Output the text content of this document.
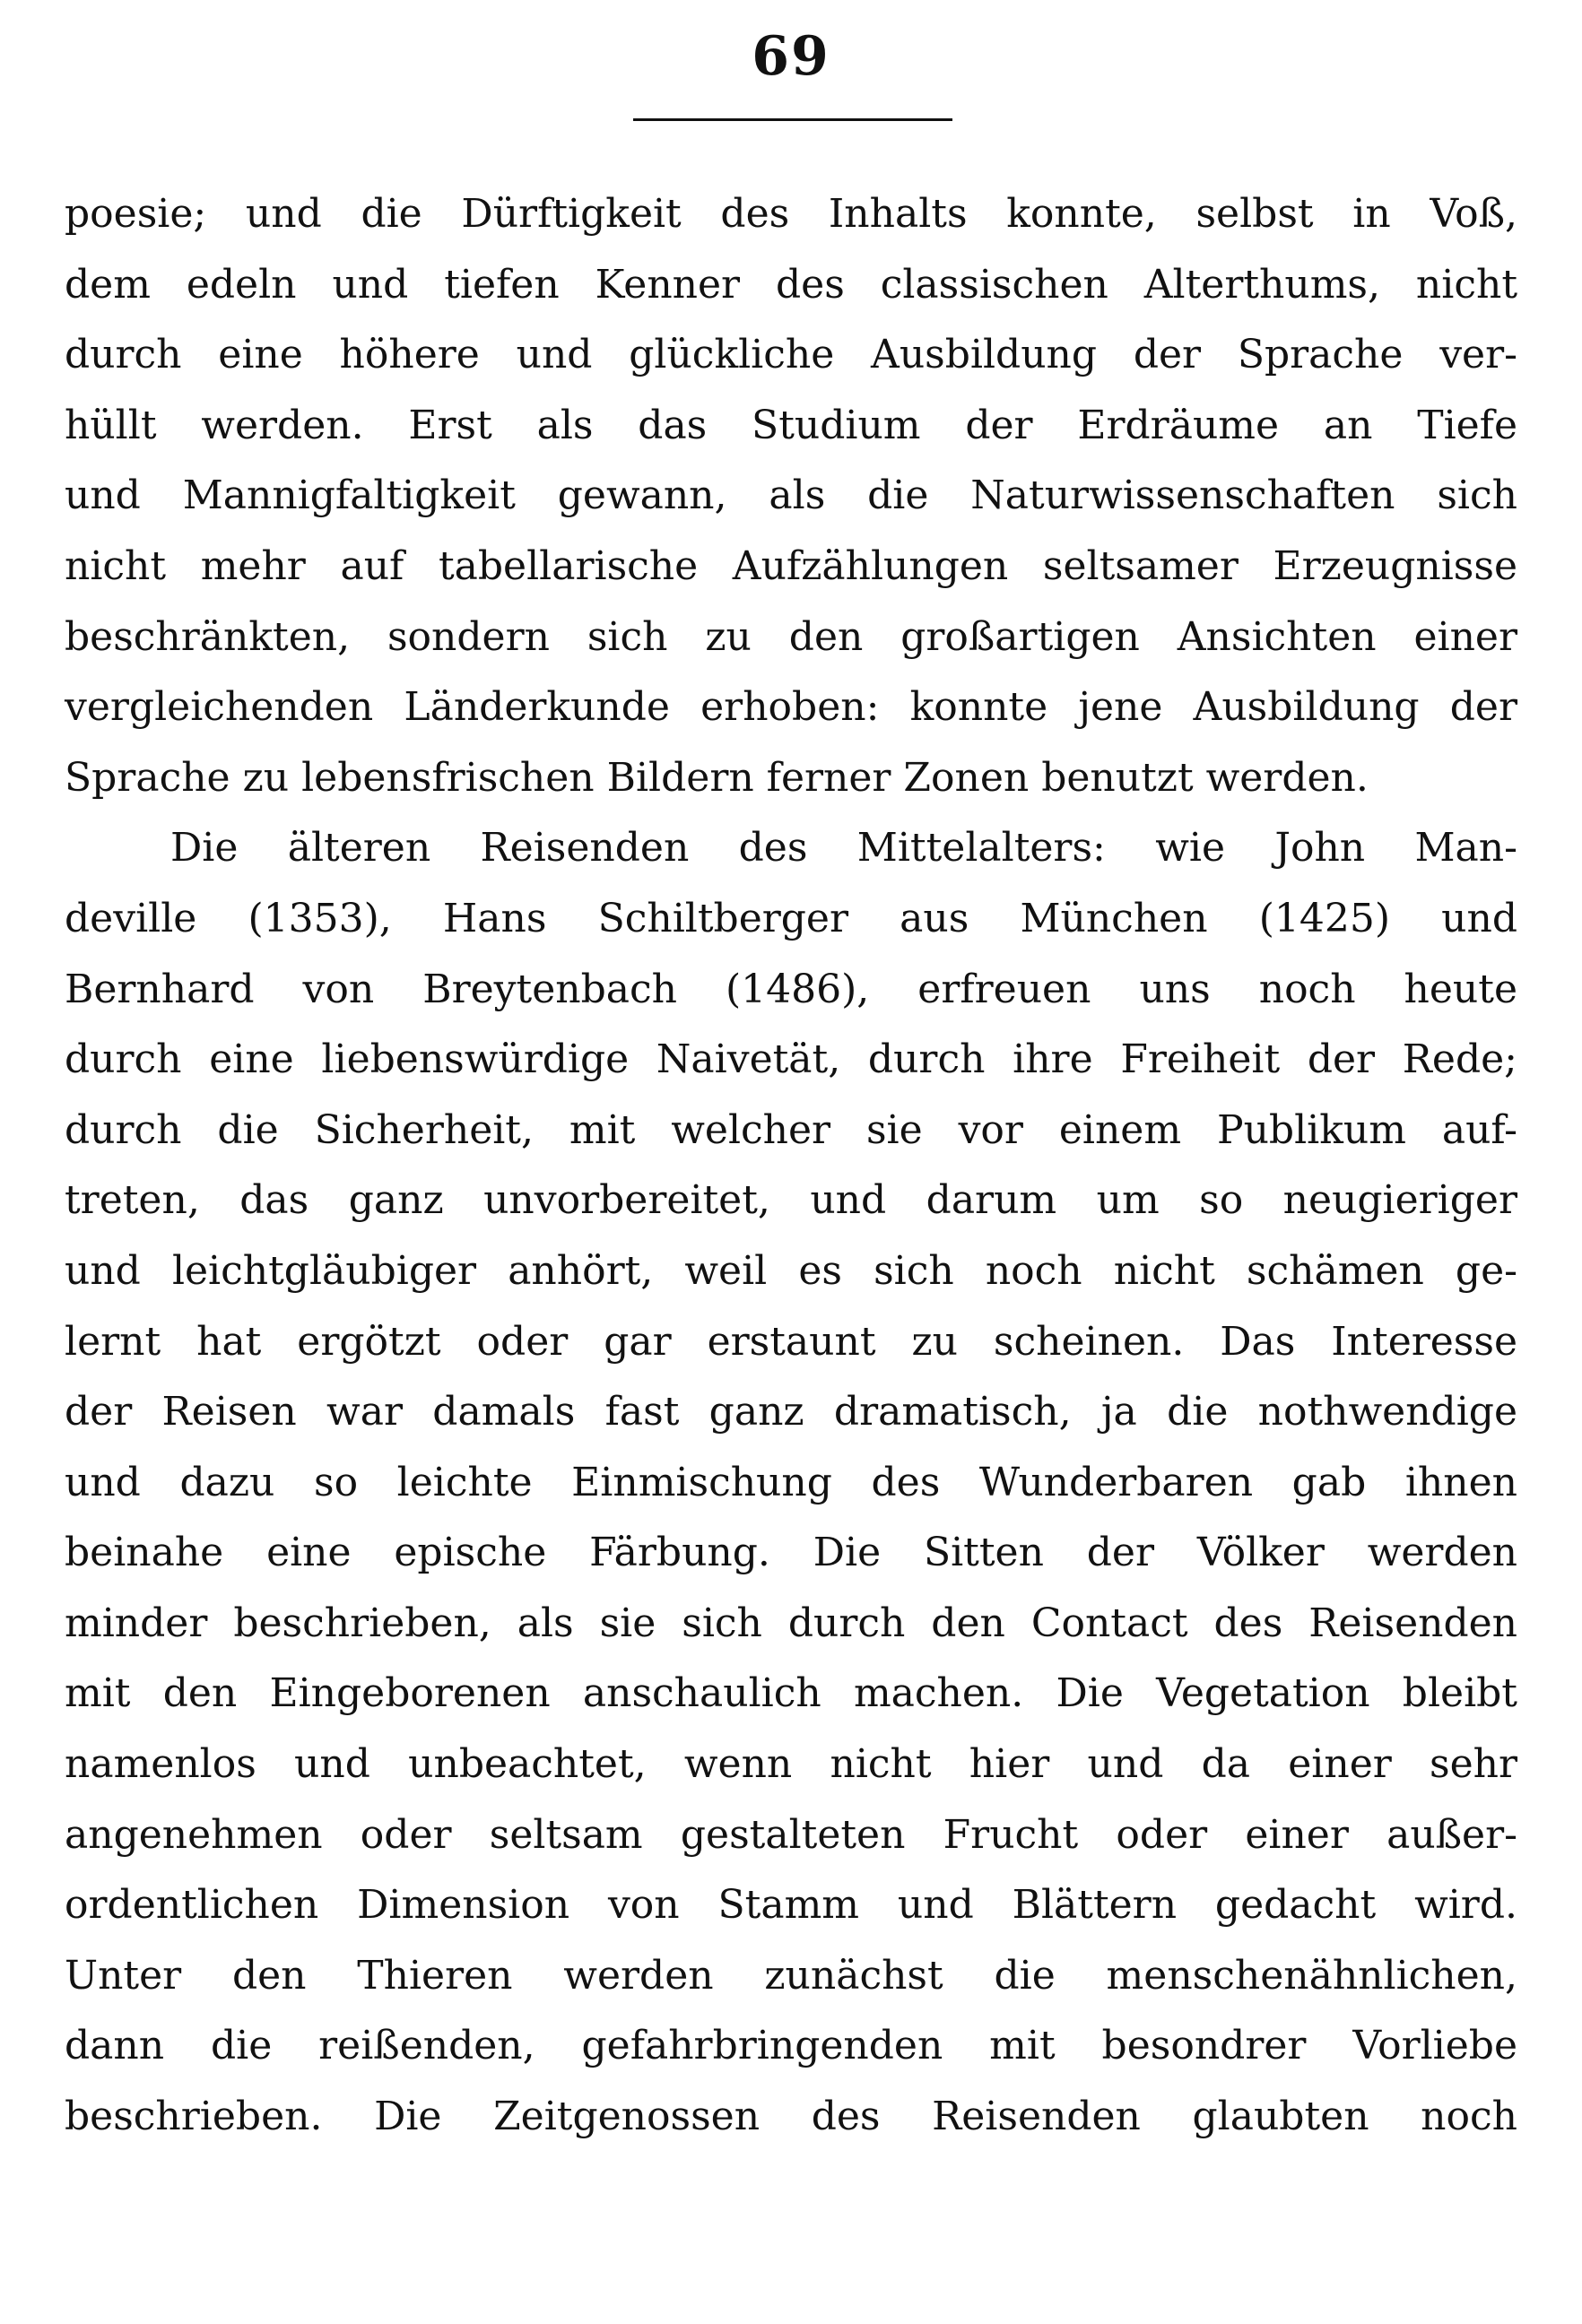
69
poesie; und die Dürftigkeit des Inhalts konnte, selbst in Voß,
dem edeln und tiefen Kenner des classischen Alterthums, nicht
durch eine höhere und glückliche Ausbildung der Sprache ver-
hüllt werden. Erst als das Studium der Erdräume an Tiefe
und Mannigfaltigkeit gewann, als die Naturwissenschaften sich
nicht mehr auf tabellarische Aufzählungen seltsamer Erzeugnisse
beschränkten, sondern sich zu den großartigen Ansichten einer
vergleichenden Länderkunde erhoben: konnte jene Ausbildung der
Sprache zu lebensfrischen Bildern ferner Zonen benutzt werden.
Die älteren Reisenden des Mittelalters: wie John Man-
deville (1353), Hans Schiltberger aus München (1425) und
Bernhard von Breytenbach (1486), erfreuen uns noch heute
durch eine liebenswürdige Naivetät, durch ihre Freiheit der Rede;
durch die Sicherheit, mit welcher sie vor einem Publikum auf-
treten, das ganz unvorbereitet, und darum um so neugieriger
und leichtgläubiger anhört, weil es sich noch nicht schämen ge-
lernt hat ergötzt oder gar erstaunt zu scheinen. Das Interesse
der Reisen war damals fast ganz dramatisch, ja die nothwendige
und dazu so leichte Einmischung des Wunderbaren gab ihnen
beinahe eine epische Färbung. Die Sitten der Völker werden
minder beschrieben, als sie sich durch den Contact des Reisenden
mit den Eingeborenen anschaulich machen. Die Vegetation bleibt
namenlos und unbeachtet, wenn nicht hier und da einer sehr
angenehmen oder seltsam gestalteten Frucht oder einer außer-
ordentlichen Dimension von Stamm und Blättern gedacht wird.
Unter den Thieren werden zunächst die menschenähnlichen,
dann die reißenden, gefahrbringenden mit besondrer Vorliebe
beschrieben. Die Zeitgenossen des Reisenden glaubten noch
